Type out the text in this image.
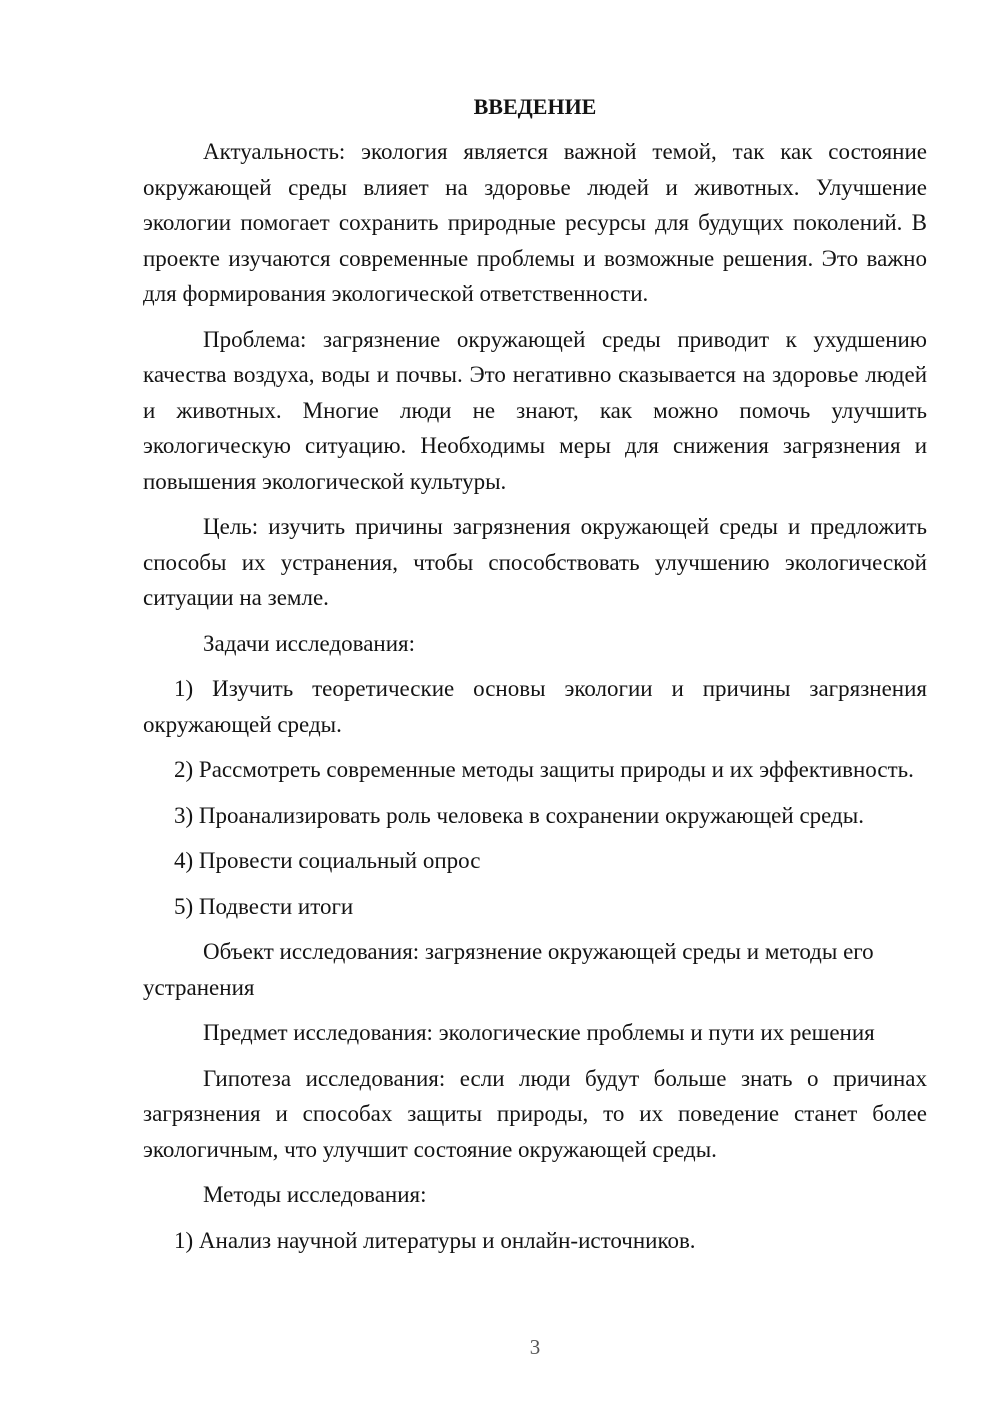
ВВЕДЕНИЕ

Актуальность: экология является важной темой, так как состояние окружающей среды влияет на здоровье людей и животных. Улучшение экологии помогает сохранить природные ресурсы для будущих поколений. В проекте изучаются современные проблемы и возможные решения. Это важно для формирования экологической ответственности.

Проблема: загрязнение окружающей среды приводит к ухудшению качества воздуха, воды и почвы. Это негативно сказывается на здоровье людей и животных. Многие люди не знают, как можно помочь улучшить экологическую ситуацию. Необходимы меры для снижения загрязнения и повышения экологической культуры.

Цель: изучить причины загрязнения окружающей среды и предложить способы их устранения, чтобы способствовать улучшению экологической ситуации на земле.

Задачи исследования:

1) Изучить теоретические основы экологии и причины загрязнения окружающей среды.

2) Рассмотреть современные методы защиты природы и их эффективность.

3) Проанализировать роль человека в сохранении окружающей среды.

4) Провести социальный опрос

5) Подвести итоги

Объект исследования: загрязнение окружающей среды и методы его устранения

Предмет исследования: экологические проблемы и пути их решения

Гипотеза исследования: если люди будут больше знать о причинах загрязнения и способах защиты природы, то их поведение станет более экологичным, что улучшит состояние окружающей среды.

Методы исследования:

1) Анализ научной литературы и онлайн-источников.

3
